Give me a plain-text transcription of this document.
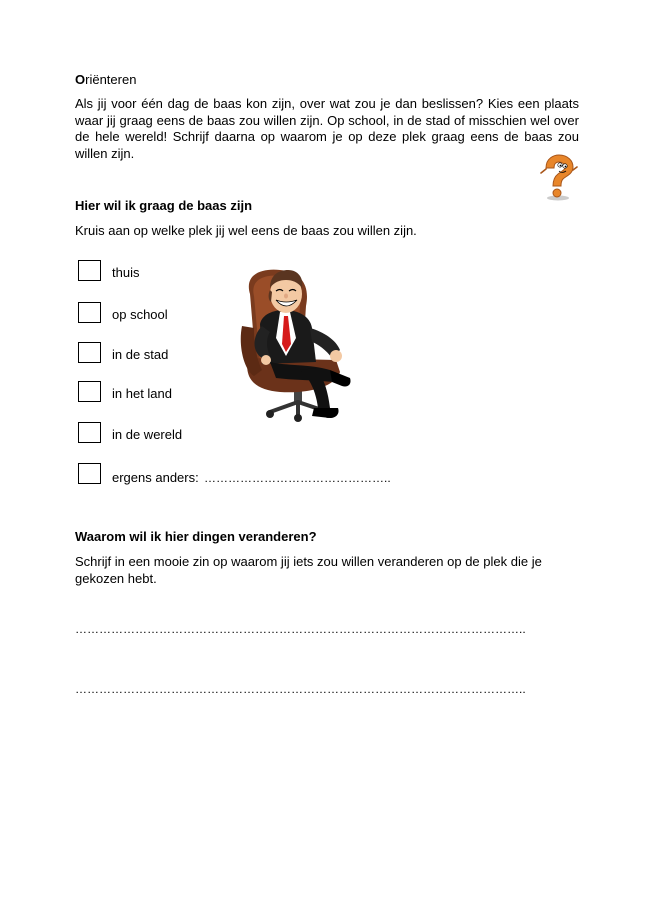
Oriënteren
Als jij voor één dag de baas kon zijn, over wat zou je dan beslissen? Kies een plaats waar jij graag eens de baas zou willen zijn. Op school, in de stad of misschien wel over de hele wereld! Schrijf daarna op waarom je op deze plek graag eens de baas zou willen zijn.
Hier wil ik graag de baas zijn
Kruis aan op welke plek jij wel eens de baas zou willen zijn.
thuis
op school
in de stad
in het land
in de wereld
ergens anders: ………………………………………..
Waarom wil ik hier dingen veranderen?
Schrijf in een mooie zin op waarom jij iets zou willen veranderen op de plek die je gekozen hebt.
…………………………………………………………………………………………………..
…………………………………………………………………………………………………..
